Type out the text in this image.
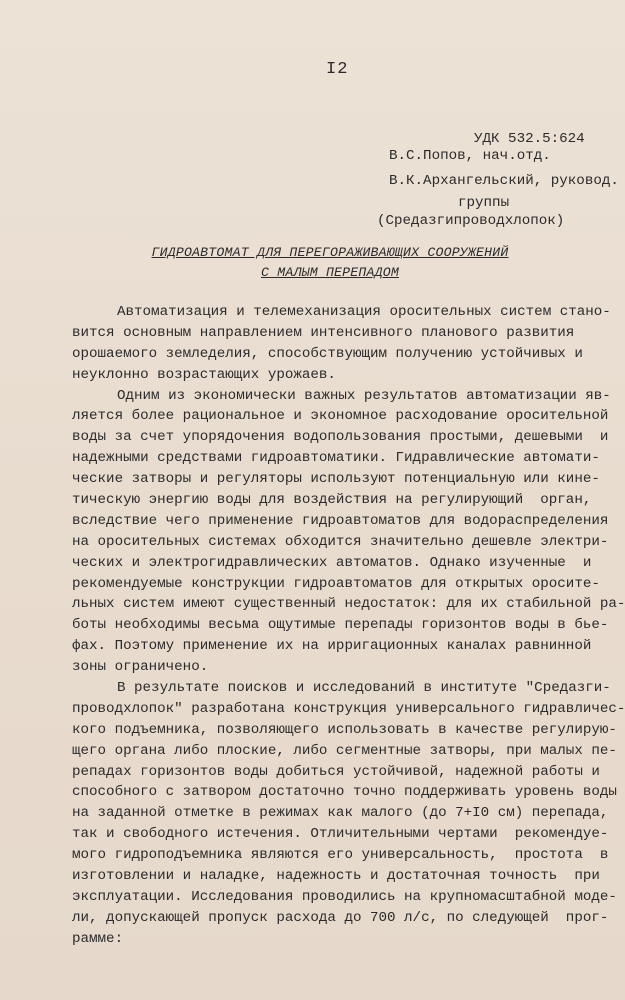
I2
УДК 532.5:624
В.С.Попов, нач.отд.
В.К.Архангельский, руковод.
группы
(Средазгипроводхлопок)
ГИДРОАВТОМАТ ДЛЯ ПЕРЕГОРАЖИВАЮЩИХ СООРУЖЕНИЙ
С МАЛЫМ ПЕРЕПАДОМ
Автоматизация и телемеханизация оросительных систем стано-
вится основным направлением интенсивного планового развития
орошаемого земледелия, способствующим получению устойчивых и
неуклонно возрастающих урожаев.
Одним из экономически важных результатов автоматизации яв-
ляется более рациональное и экономное расходование оросительной
воды за счет упорядочения водопользования простыми, дешевыми  и
надежными средствами гидроавтоматики. Гидравлические автомати-
ческие затворы и регуляторы используют потенциальную или кине-
тическую энергию воды для воздействия на регулирующий  орган,
вследствие чего применение гидроавтоматов для водораспределения
на оросительных системах обходится значительно дешевле электри-
ческих и электрогидравлических автоматов. Однако изученные  и
рекомендуемые конструкции гидроавтоматов для открытых оросите-
льных систем имеют существенный недостаток: для их стабильной ра-
боты необходимы весьма ощутимые перепады горизонтов воды в бье-
фах. Поэтому применение их на ирригационных каналах равнинной
зоны ограничено.
В результате поисков и исследований в институте "Средазги-
проводхлопок" разработана конструкция универсального гидравличес-
кого подъемника, позволяющего использовать в качестве регулирую-
щего органа либо плоские, либо сегментные затворы, при малых пе-
репадах горизонтов воды добиться устойчивой, надежной работы и
способного с затвором достаточно точно поддерживать уровень воды
на заданной отметке в режимах как малого (до 7+I0 см) перепада,
так и свободного истечения. Отличительными чертами  рекомендуе-
мого гидроподъемника являются его универсальность,  простота  в
изготовлении и наладке, надежность и достаточная точность  при
эксплуатации. Исследования проводились на крупномасштабной моде-
ли, допускающей пропуск расхода до 700 л/с, по следующей  прог-
рамме:
